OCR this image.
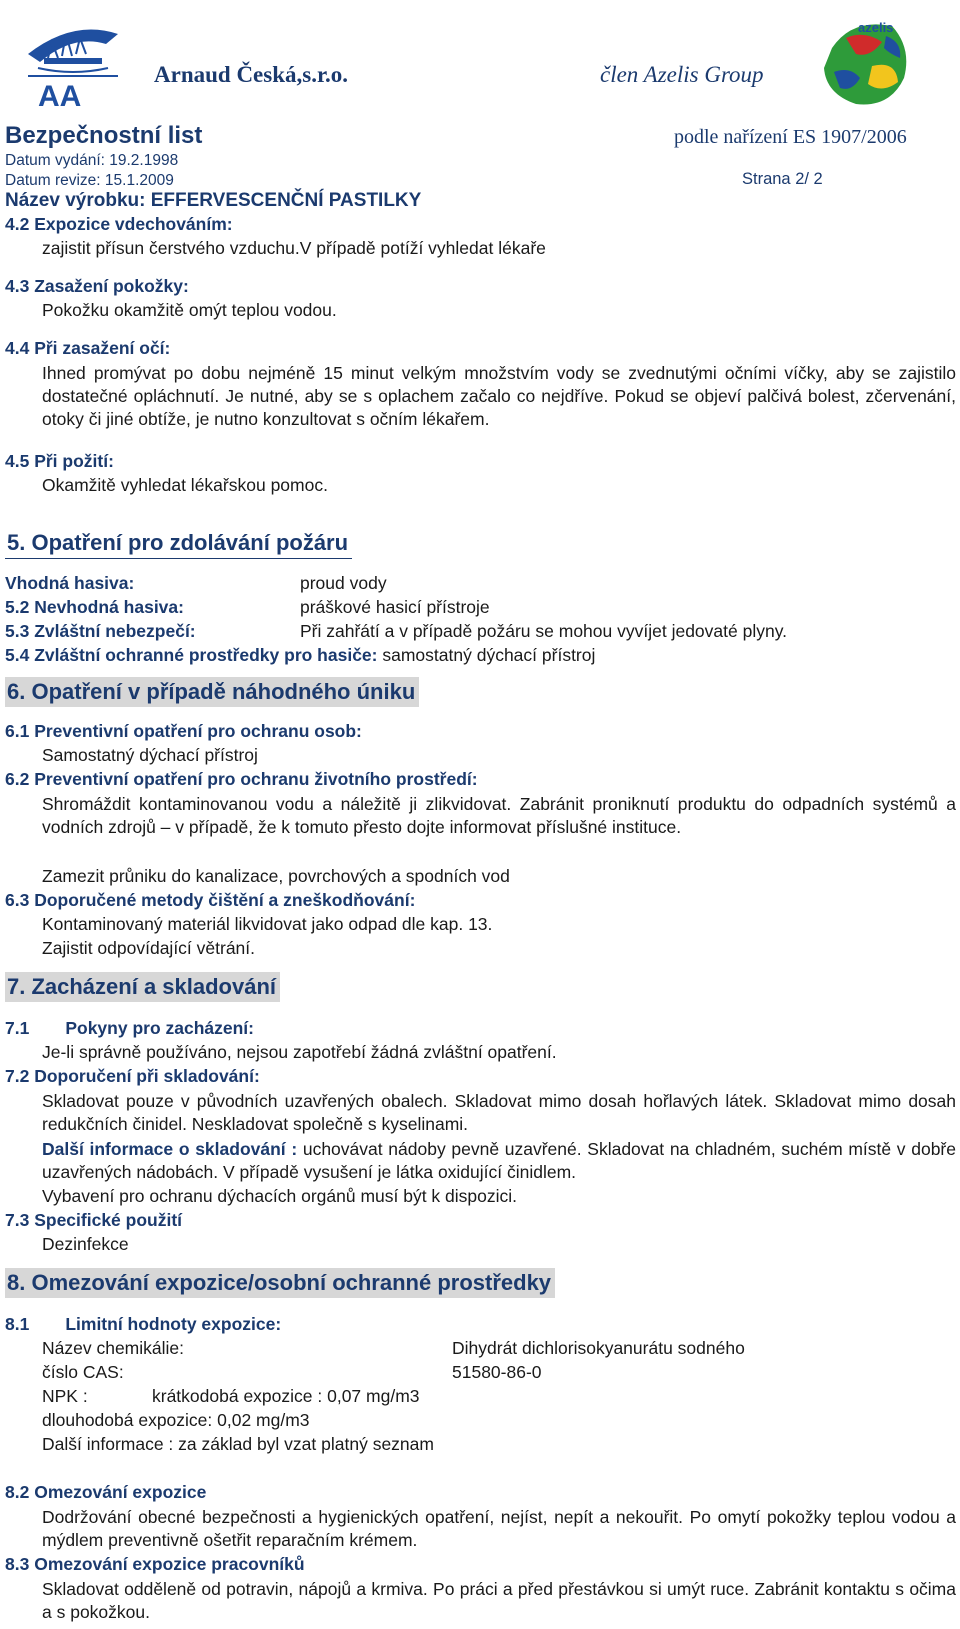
AA
Arnaud Česká,s.r.o.	člen Azelis Group
azelis
Bezpečnostní list	podle nařízení ES 1907/2006
Datum vydání: 19.2.1998
Datum revize: 15.1.2009	Strana 2/ 2
Název výrobku: EFFERVESCENČNÍ PASTILKY
4.2 Expozice vdechováním:
zajistit přísun čerstvého vzduchu.V případě potíží vyhledat lékaře
4.3 Zasažení pokožky:
Pokožku okamžitě omýt teplou vodou.
4.4 Při zasažení očí:
Ihned promývat po dobu nejméně 15 minut velkým množstvím vody se zvednutými očními víčky, aby se zajistilo dostatečné opláchnutí. Je nutné, aby se s oplachem začalo co nejdříve. Pokud se objeví palčivá bolest, zčervenání, otoky či jiné obtíže, je nutno konzultovat s očním lékařem.
4.5 Při požití:
Okamžitě vyhledat lékařskou pomoc.
5. Opatření pro zdolávání požáru
Vhodná hasiva:	proud vody
5.2 Nevhodná hasiva:	práškové hasicí přístroje
5.3 Zvláštní nebezpečí:	Při zahřátí a v případě požáru se mohou vyvíjet jedovaté plyny.
5.4 Zvláštní ochranné prostředky pro hasiče: samostatný dýchací přístroj
6. Opatření v případě náhodného úniku
6.1 Preventivní opatření pro ochranu osob:
Samostatný dýchací přístroj
6.2 Preventivní opatření pro ochranu životního prostředí:
Shromáždit kontaminovanou vodu a náležitě ji zlikvidovat. Zabránit proniknutí produktu do odpadních systémů a vodních zdrojů – v případě, že k tomuto přesto dojte informovat příslušné instituce.
Zamezit průniku do kanalizace, povrchových a spodních vod
6.3 Doporučené metody čištění a zneškodňování:
Kontaminovaný materiál likvidovat jako odpad dle kap. 13.
Zajistit odpovídající větrání.
7. Zacházení a skladování
7.1 Pokyny pro zacházení:
Je-li správně používáno, nejsou zapotřebí žádná zvláštní opatření.
7.2 Doporučení při skladování:
Skladovat pouze v původních uzavřených obalech. Skladovat mimo dosah hořlavých látek. Skladovat mimo dosah redukčních činidel. Neskladovat společně s kyselinami.
Další informace o skladování : uchovávat nádoby pevně uzavřené. Skladovat na chladném, suchém místě v dobře uzavřených nádobách. V případě vysušení je látka oxidující činidlem.
Vybavení pro ochranu dýchacích orgánů musí být k dispozici.
7.3 Specifické použití
Dezinfekce
8. Omezování expozice/osobní ochranné prostředky
8.1 Limitní hodnoty expozice:
Název chemikálie:	Dihydrát dichlorisokyanurátu sodného
číslo CAS:	51580-86-0
NPK :	krátkodobá expozice : 0,07 mg/m3
dlouhodobá expozice: 0,02 mg/m3
Další informace : za základ byl vzat platný seznam
8.2 Omezování expozice
Dodržování obecné bezpečnosti a hygienických opatření, nejíst, nepít a nekouřit. Po omytí pokožky teplou vodou a mýdlem preventivně ošetřit reparačním krémem.
8.3 Omezování expozice pracovníků
Skladovat odděleně od potravin, nápojů a krmiva. Po práci a před přestávkou si umýt ruce. Zabránit kontaktu s očima a s pokožkou.
